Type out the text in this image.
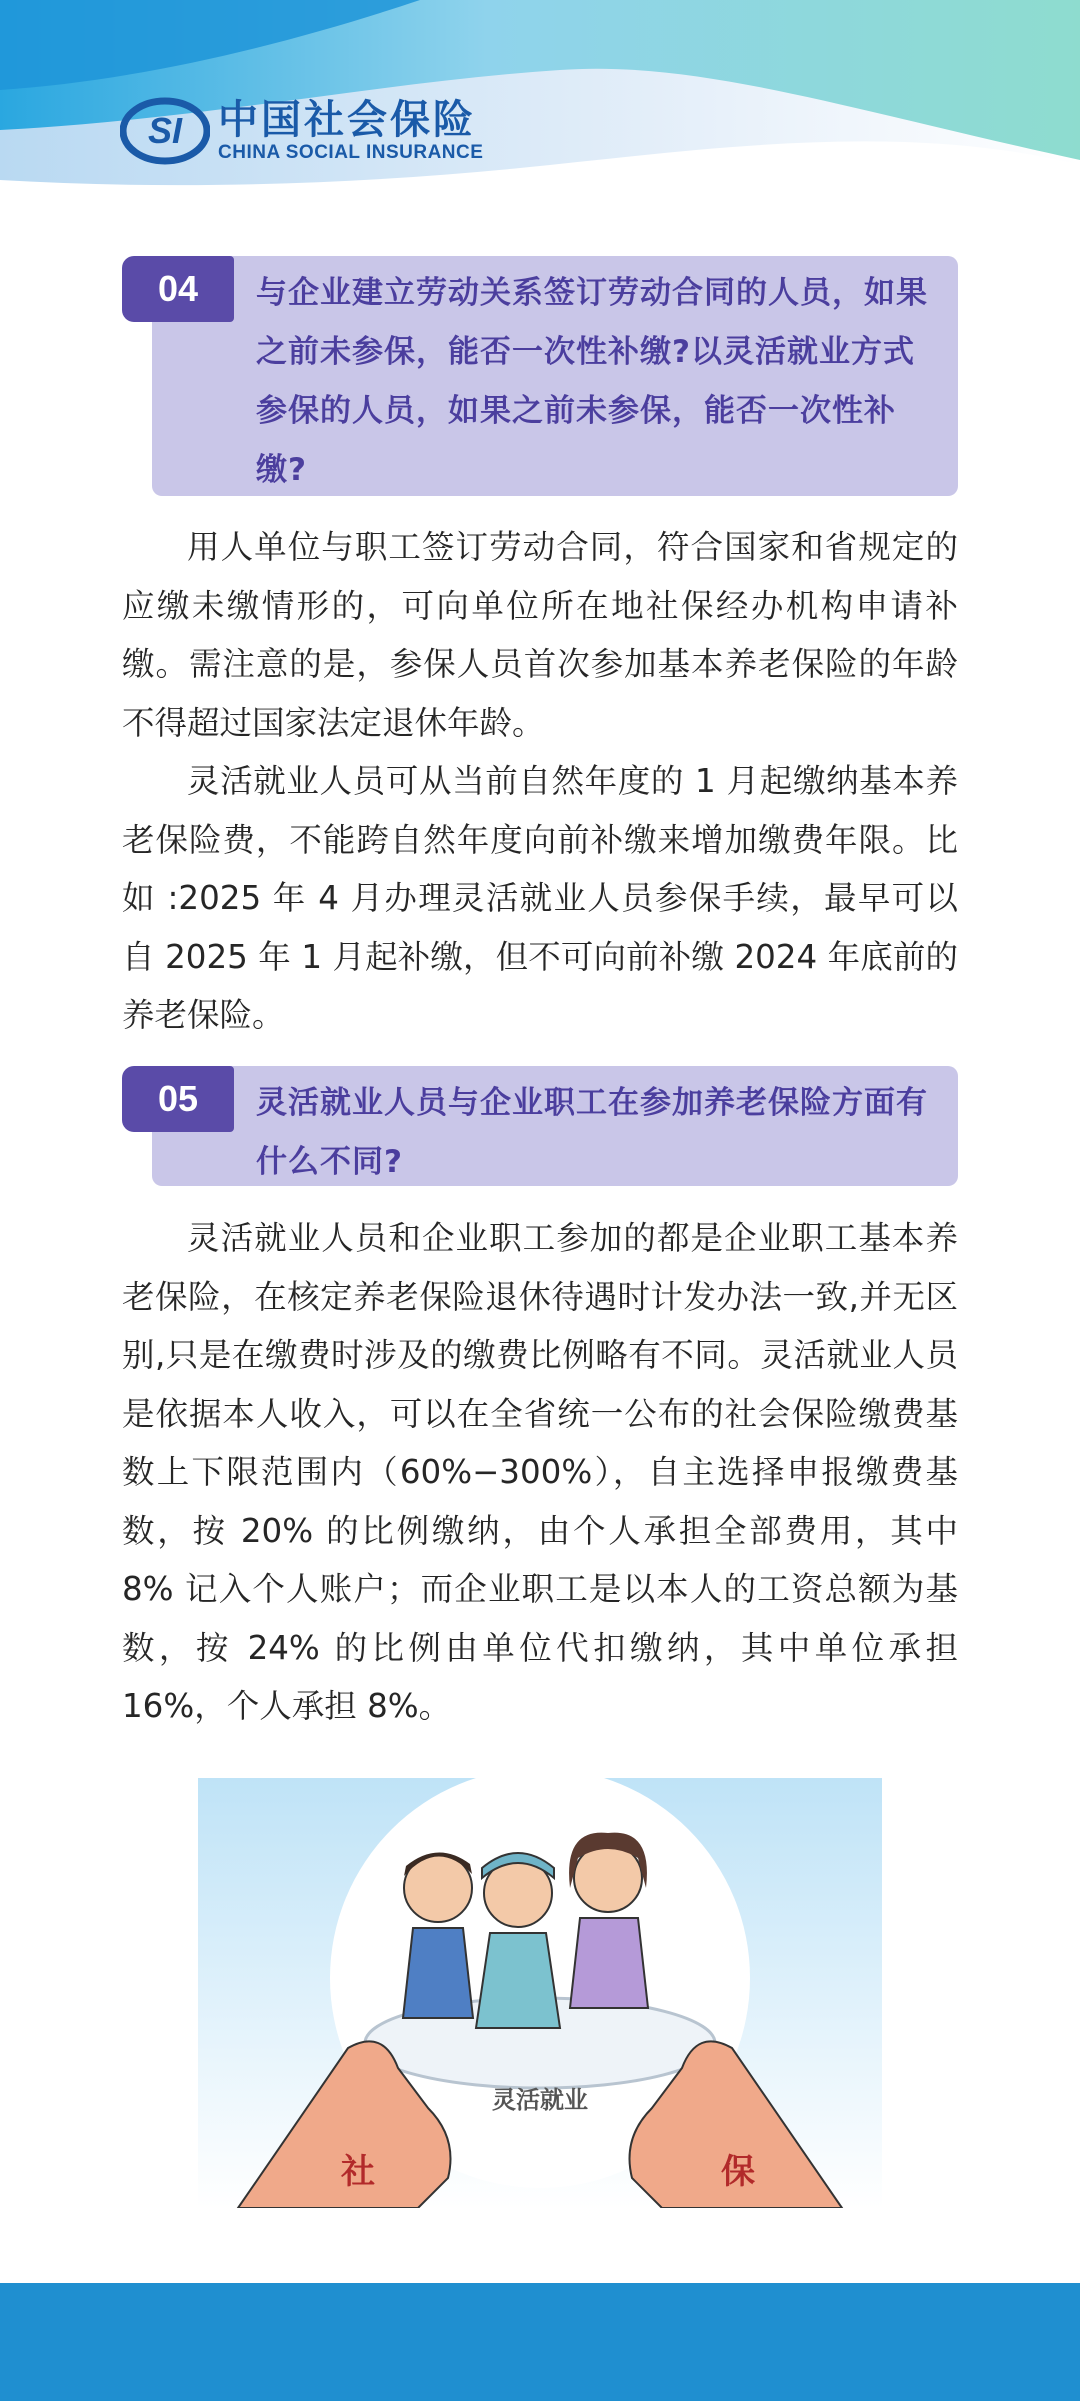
SI 中国社会保险
CHINA SOCIAL INSURANCE
04	与企业建立劳动关系签订劳动合同的人员，如果之前未参保，能否一次性补缴?以灵活就业方式参保的人员，如果之前未参保，能否一次性补缴?

用人单位与职工签订劳动合同，符合国家和省规定的应缴未缴情形的，可向单位所在地社保经办机构申请补缴。需注意的是，参保人员首次参加基本养老保险的年龄不得超过国家法定退休年龄。

灵活就业人员可从当前自然年度的 1 月起缴纳基本养老保险费，不能跨自然年度向前补缴来增加缴费年限。比如 :2025 年 4 月办理灵活就业人员参保手续，最早可以自 2025 年 1 月起补缴，但不可向前补缴 2024 年底前的养老保险。

05	灵活就业人员与企业职工在参加养老保险方面有什么不同?

灵活就业人员和企业职工参加的都是企业职工基本养老保险，在核定养老保险退休待遇时计发办法一致,并无区别,只是在缴费时涉及的缴费比例略有不同。灵活就业人员是依据本人收入，可以在全省统一公布的社会保险缴费基数上下限范围内（60%−300%），自主选择申报缴费基数，按 20% 的比例缴纳，由个人承担全部费用，其中 8% 记入个人账户；而企业职工是以本人的工资总额为基数，按 24% 的比例由单位代扣缴纳，其中单位承担 16%，个人承担 8%。

灵活就业
社	保
